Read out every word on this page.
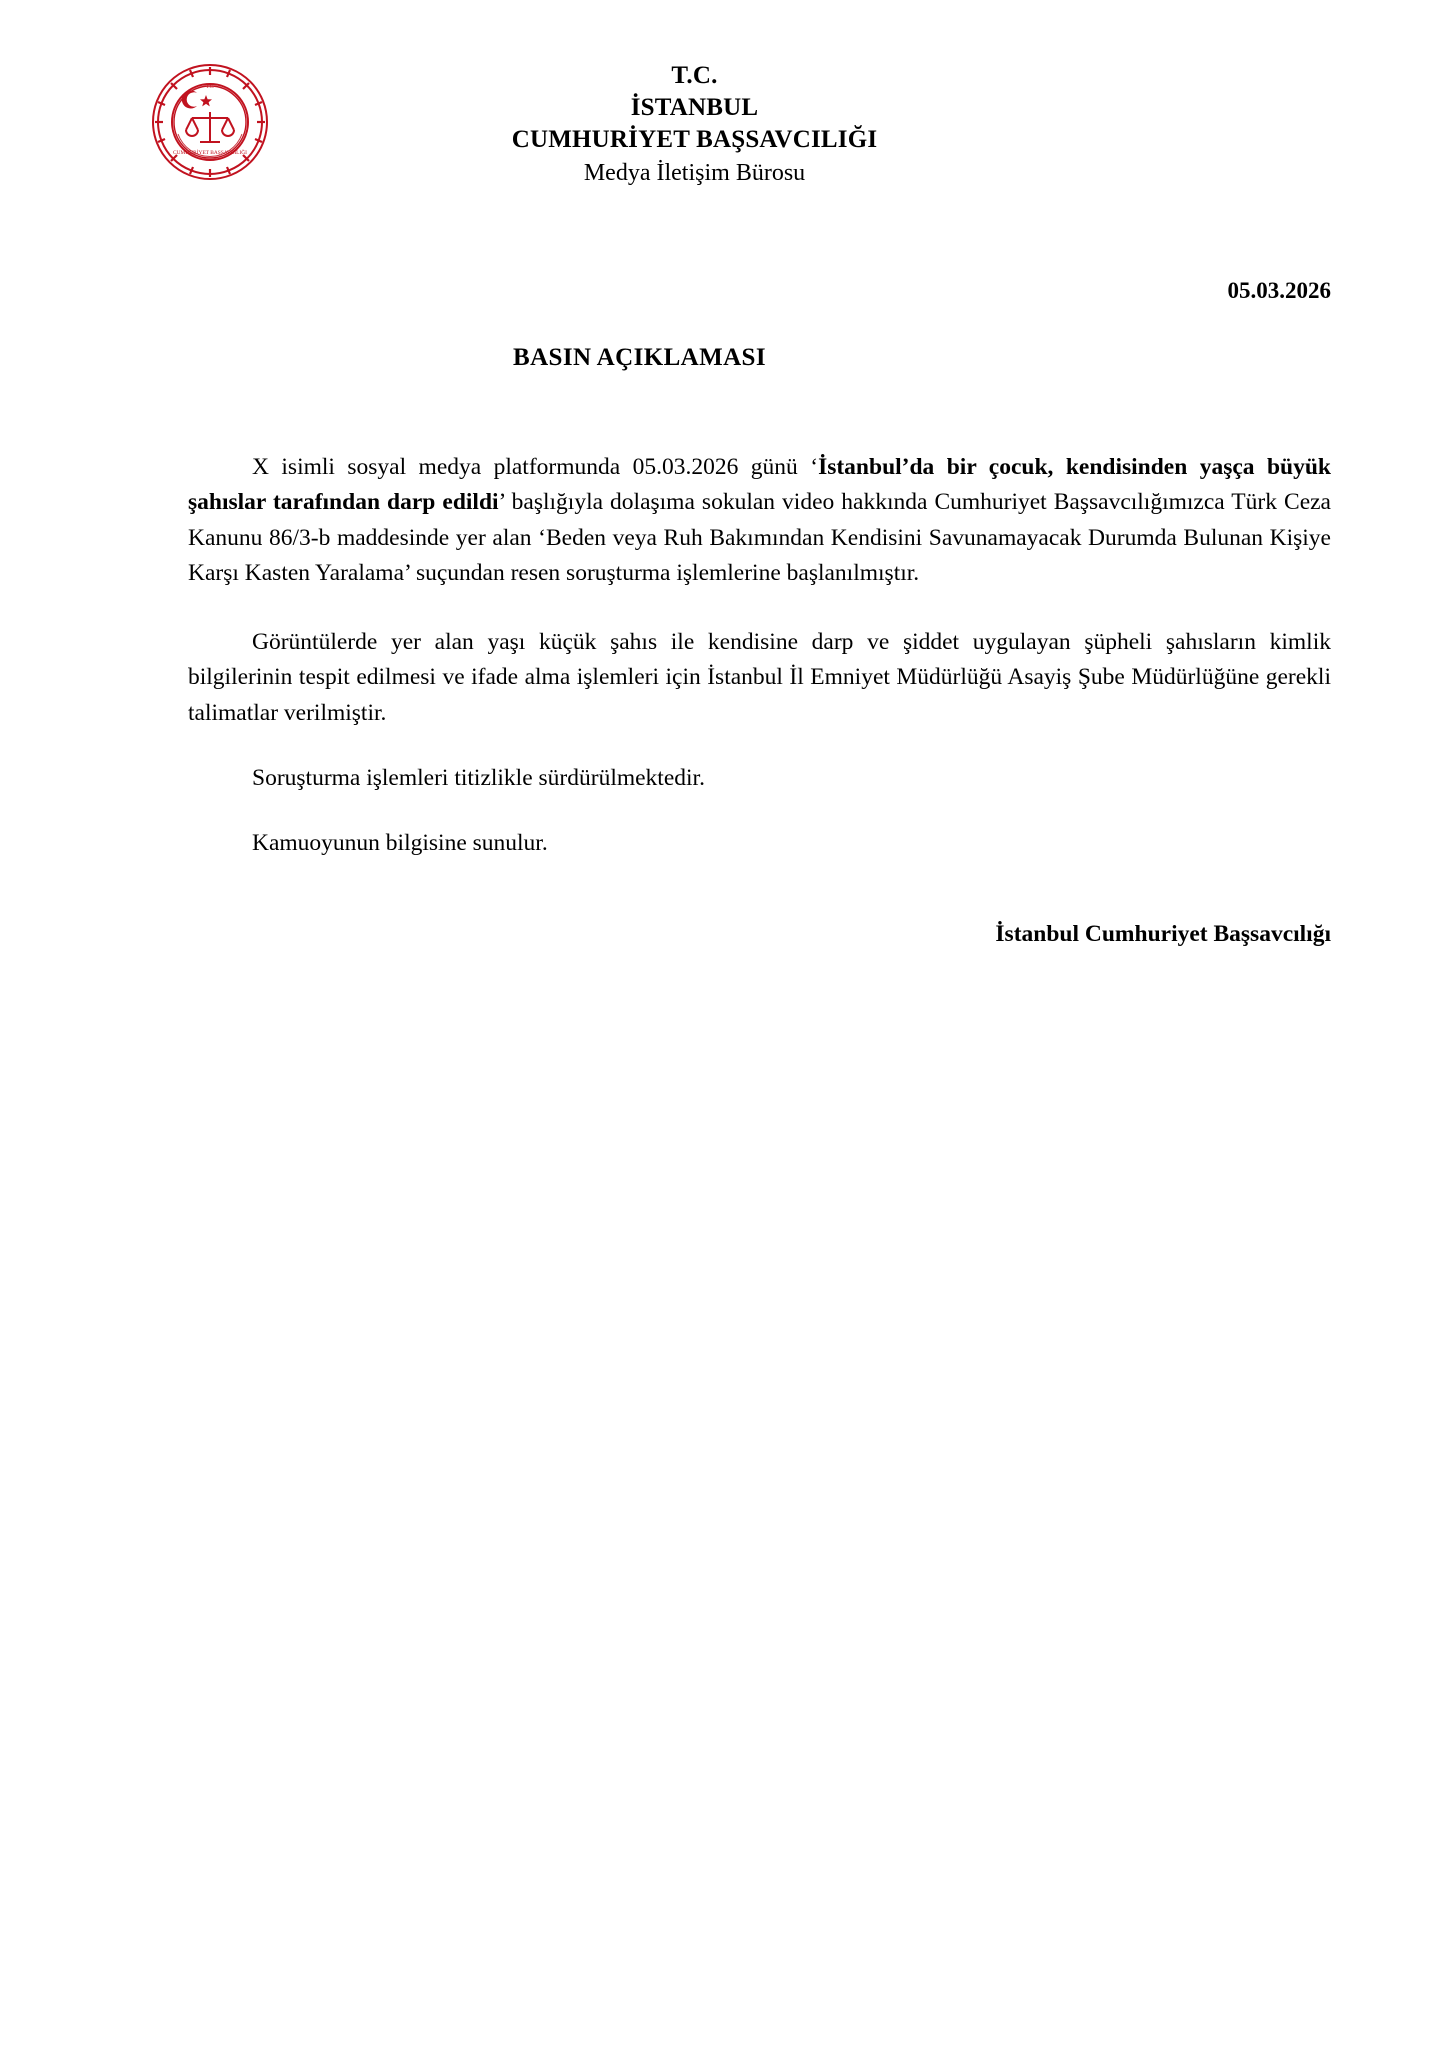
CUMHURİYET BAŞSAVCILIĞI
T.C.	T.C.
İSTANBUL
CUMHURİYET BAŞSAVCILIĞI
Medya İletişim Bürosu
05.03.2026
BASIN AÇIKLAMASI

X isimli sosyal medya platformunda 05.03.2026 günü ‘İstanbul’da bir çocuk, kendisinden yaşça büyük şahıslar tarafından darp edildi’ başlığıyla dolaşıma sokulan video hakkında Cumhuriyet Başsavcılığımızca Türk Ceza Kanunu 86/3-b maddesinde yer alan ‘Beden veya Ruh Bakımından Kendisini Savunamayacak Durumda Bulunan Kişiye Karşı Kasten Yaralama’ suçundan resen soruşturma işlemlerine başlanılmıştır.

Görüntülerde yer alan yaşı küçük şahıs ile kendisine darp ve şiddet uygulayan şüpheli şahısların kimlik bilgilerinin tespit edilmesi ve ifade alma işlemleri için İstanbul İl Emniyet Müdürlüğü Asayiş Şube Müdürlüğüne gerekli talimatlar verilmiştir.

Soruşturma işlemleri titizlikle sürdürülmektedir.

Kamuoyunun bilgisine sunulur.

İstanbul Cumhuriyet Başsavcılığı
